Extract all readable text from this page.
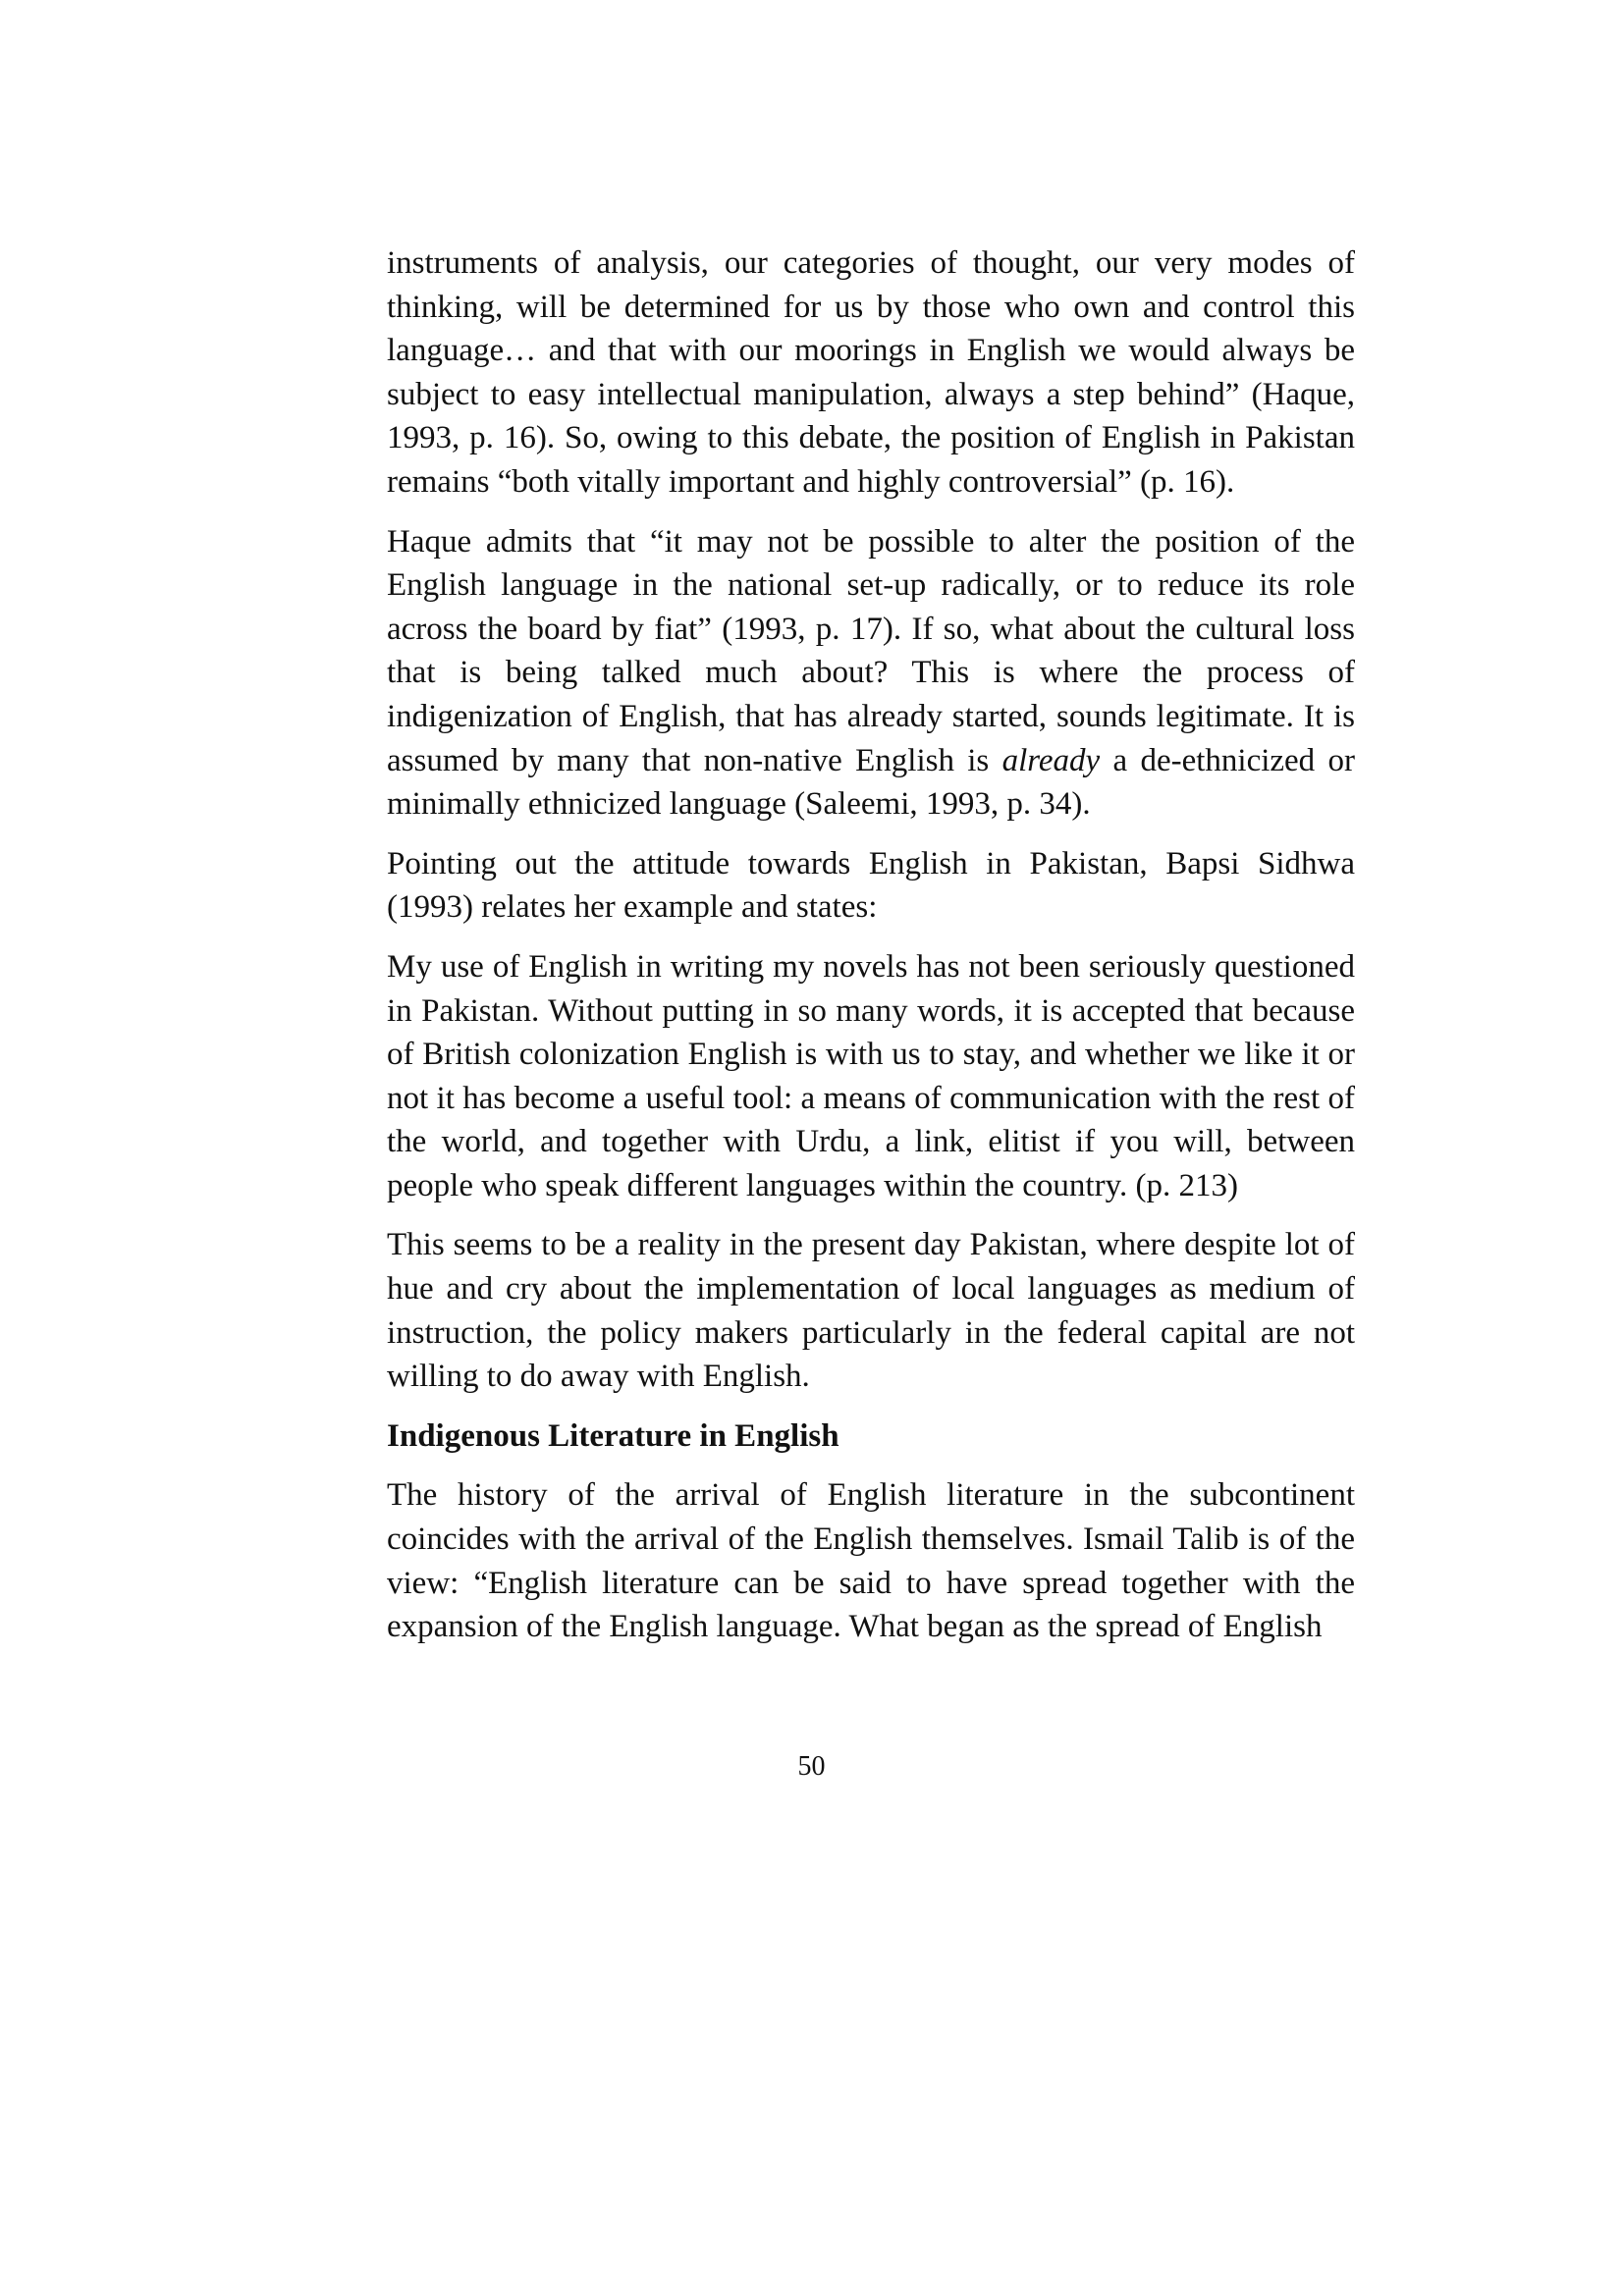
instruments of analysis, our categories of thought, our very modes of thinking, will be determined for us by those who own and control this language… and that with our moorings in English we would always be subject to easy intellectual manipulation, always a step behind” (Haque, 1993, p. 16). So, owing to this debate, the position of English in Pakistan remains “both vitally important and highly controversial” (p. 16).

Haque admits that “it may not be possible to alter the position of the English language in the national set-up radically, or to reduce its role across the board by fiat” (1993, p. 17). If so, what about the cultural loss that is being talked much about? This is where the process of indigenization of English, that has already started, sounds legitimate. It is assumed by many that non-native English is already a de-ethnicized or minimally ethnicized language (Saleemi, 1993, p. 34).

Pointing out the attitude towards English in Pakistan, Bapsi Sidhwa (1993) relates her example and states:

My use of English in writing my novels has not been seriously questioned in Pakistan. Without putting in so many words, it is accepted that because of British colonization English is with us to stay, and whether we like it or not it has become a useful tool: a means of communication with the rest of the world, and together with Urdu, a link, elitist if you will, between people who speak different languages within the country. (p. 213)

This seems to be a reality in the present day Pakistan, where despite lot of hue and cry about the implementation of local languages as medium of instruction, the policy makers particularly in the federal capital are not willing to do away with English.

Indigenous Literature in English

The history of the arrival of English literature in the subcontinent coincides with the arrival of the English themselves. Ismail Talib is of the view: “English literature can be said to have spread together with the expansion of the English language. What began as the spread of English

50
